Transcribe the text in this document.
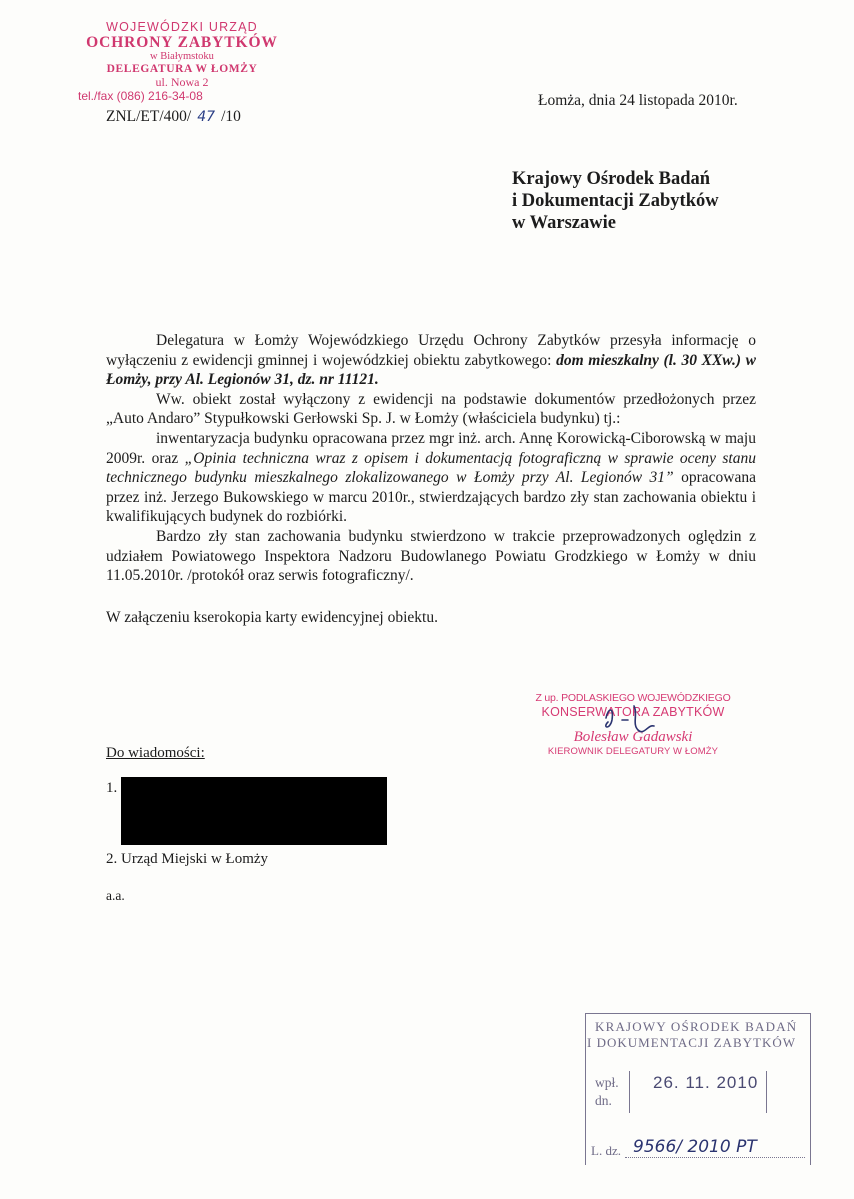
WOJEWÓDZKI URZĄD
OCHRONY ZABYTKÓW
w Białymstoku
DELEGATURA W ŁOMŻY
ul. Nowa 2
tel./fax (086) 216-34-08
ZNL/ET/400/ 47 /10
Łomża, dnia 24 listopada 2010r.
Krajowy Ośrodek Badań
i Dokumentacji Zabytków
w Warszawie

Delegatura w Łomży Wojewódzkiego Urzędu Ochrony Zabytków przesyła informację o wyłączeniu z ewidencji gminnej i wojewódzkiej obiektu zabytkowego: dom mieszkalny (l. 30 XXw.) w Łomży, przy Al. Legionów 31, dz. nr 11121.

Ww. obiekt został wyłączony z ewidencji na podstawie dokumentów przedłożonych przez „Auto Andaro” Stypułkowski Gerłowski Sp. J. w Łomży (właściciela budynku) tj.:

inwentaryzacja budynku opracowana przez mgr inż. arch. Annę Korowicką-Ciborowską w maju 2009r. oraz „Opinia techniczna wraz z opisem i dokumentacją fotograficzną w sprawie oceny stanu technicznego budynku mieszkalnego zlokalizowanego w Łomży przy Al. Legionów 31” opracowana przez inż. Jerzego Bukowskiego w marcu 2010r., stwierdzających bardzo zły stan zachowania obiektu i kwalifikujących budynek do rozbiórki.

Bardzo zły stan zachowania budynku stwierdzono w trakcie przeprowadzonych oględzin z udziałem Powiatowego Inspektora Nadzoru Budowlanego Powiatu Grodzkiego w Łomży w dniu 11.05.2010r. /protokół oraz serwis fotograficzny/.

W załączeniu kserokopia karty ewidencyjnej obiektu.
Z up. PODLASKIEGO WOJEWÓDZKIEGO
KONSERWATORA ZABYTKÓW
Bolesław Gadawski
KIEROWNIK DELEGATURY W ŁOMŻY
Do wiadomości:
1.
2. Urząd Miejski w Łomży
a.a.
KRAJOWY OŚRODEK BADAŃ
I DOKUMENTACJI ZABYTKÓW
wpł.
dn.
26. 11. 2010
L. dz. 9566/ 2010 PT
